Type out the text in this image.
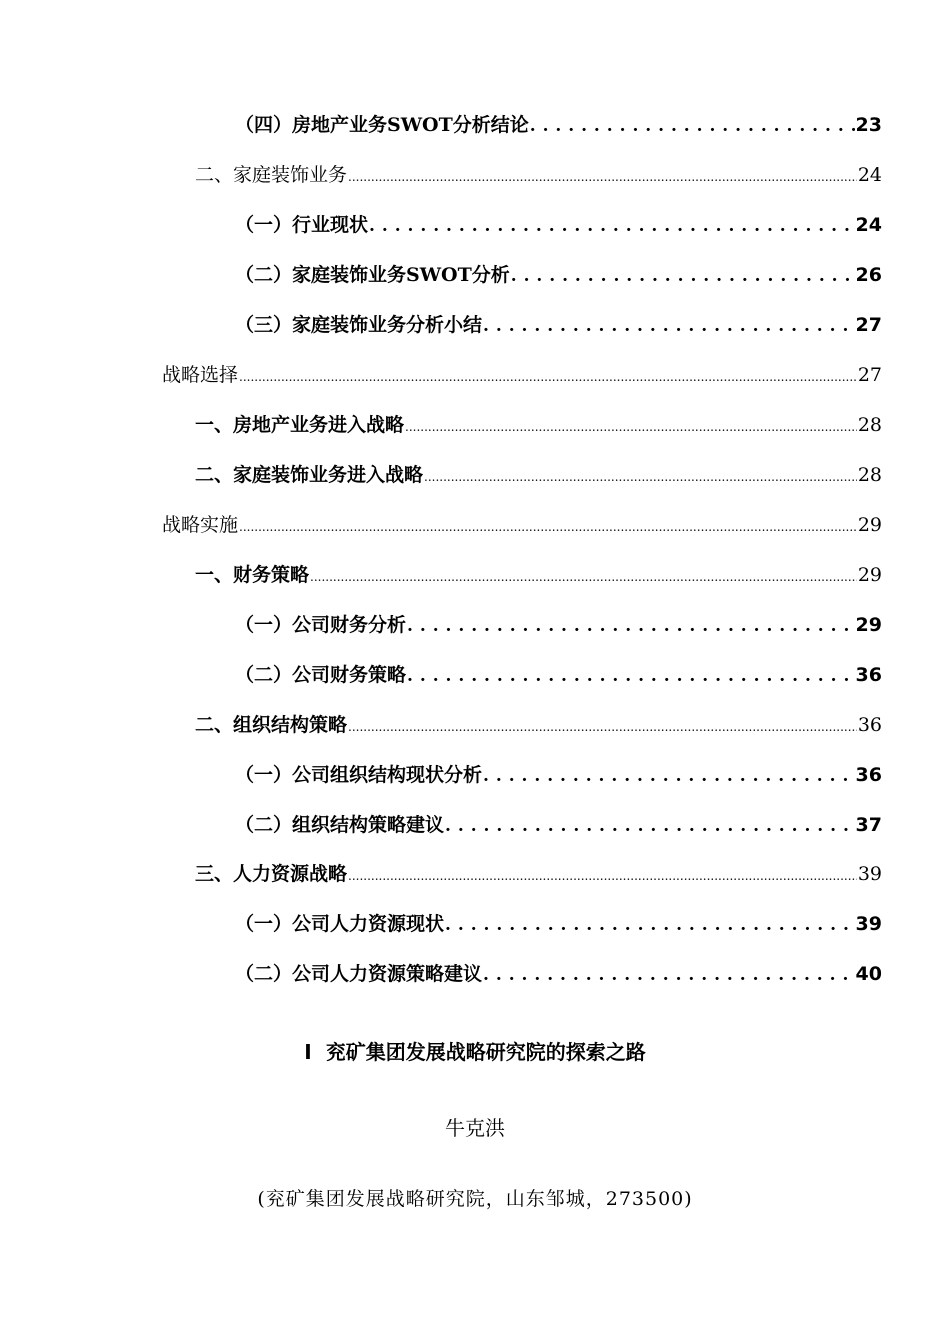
（四）房地产业务SWOT分析结论 . . .	23
二、家庭装饰业务 .....	24
（一）行业现状 . . .	24
（二）家庭装饰业务SWOT分析 . . .	26
（三）家庭装饰业务分析小结 . . .	27
战略选择 .....	27
一、房地产业务进入战略 .....	28
二、家庭装饰业务进入战略 .....	28
战略实施 .....	29
一、财务策略 .....	29
（一）公司财务分析 . . .	29
（二）公司财务策略 . . .	36
二、组织结构策略 .....	36
（一）公司组织结构现状分析 . . .	36
（二）组织结构策略建议 . . .	37
三、人力资源战略 .....	39
（一）公司人力资源现状 . . .	39
（二）公司人力资源策略建议 . . .	40
I 兖矿集团发展战略研究院的探索之路
牛克洪
(兖矿集团发展战略研究院，山东邹城，273500)
